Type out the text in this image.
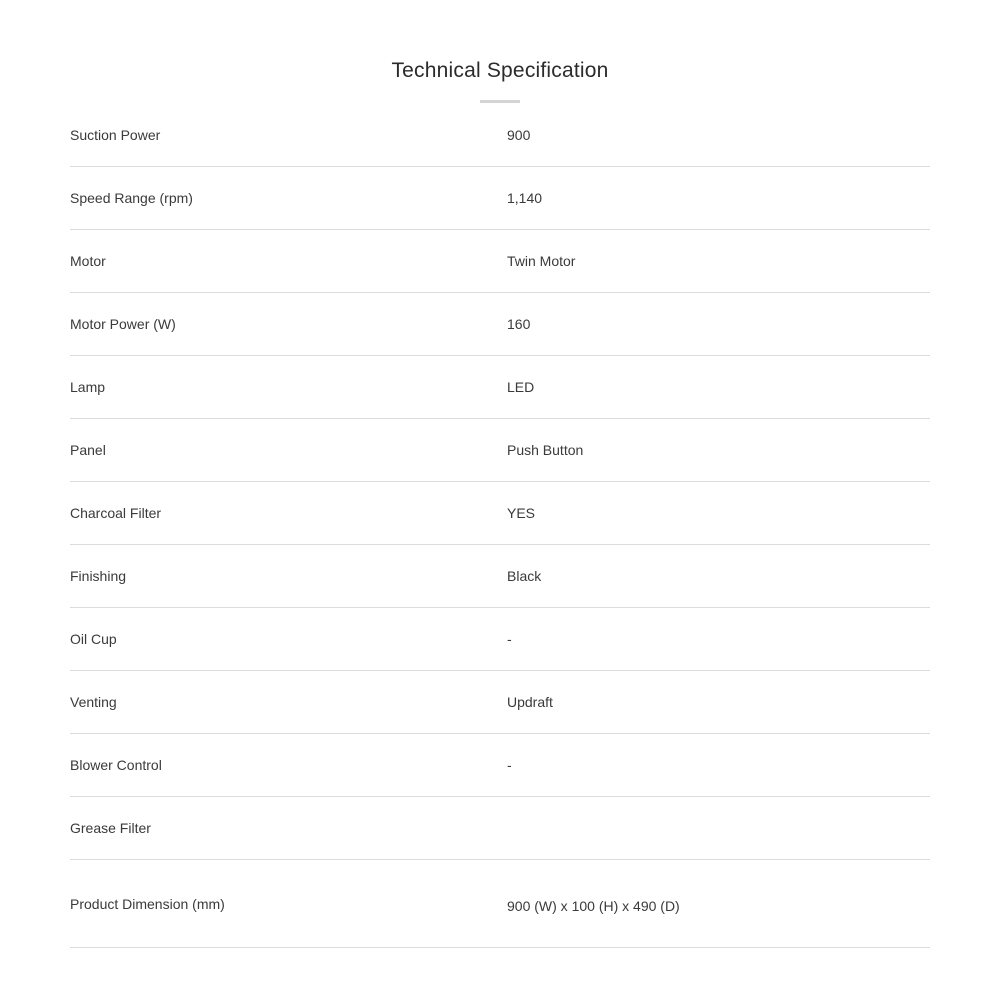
Technical Specification
Suction Power	900
Speed Range (rpm)	1,140
Motor	Twin Motor
Motor Power (W)	160
Lamp	LED
Panel	Push Button
Charcoal Filter	YES
Finishing	Black
Oil Cup	-
Venting	Updraft
Blower Control	-
Grease Filter
Product Dimension (mm)	900 (W) x 100 (H) x 490 (D)
